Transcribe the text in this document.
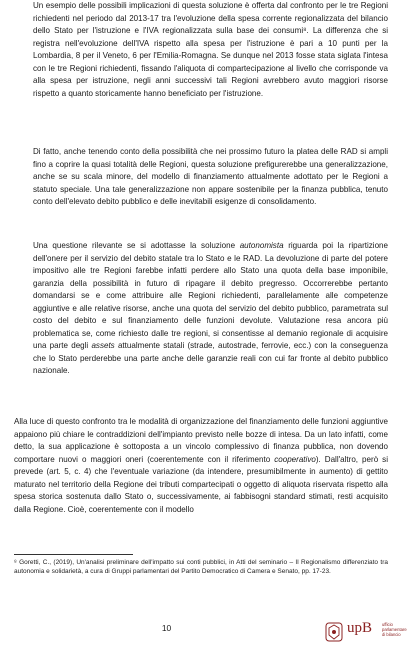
Un esempio delle possibili implicazioni di questa soluzione è offerta dal confronto per le tre Regioni richiedenti nel periodo dal 2013-17 tra l'evoluzione della spesa corrente regionalizzata del bilancio dello Stato per l'istruzione e l'IVA regionalizzata sulla base dei consumi⁸. La differenza che si registra nell'evoluzione dell'IVA rispetto alla spesa per l'istruzione è pari a 10 punti per la Lombardia, 8 per il Veneto, 6 per l'Emilia-Romagna. Se dunque nel 2013 fosse stata siglata l'intesa con le tre Regioni richiedenti, fissando l'aliquota di compartecipazione al livello che corrisponde va alla spesa per istruzione, negli anni successivi tali Regioni avrebbero avuto maggiori risorse rispetto a quanto storicamente hanno beneficiato per l'istruzione.

Di fatto, anche tenendo conto della possibilità che nei prossimo futuro la platea delle RAD si ampli fino a coprire la quasi totalità delle Regioni, questa soluzione prefigurerebbe una generalizzazione, anche se su scala minore, del modello di finanziamento attualmente adottato per le Regioni a statuto speciale. Una tale generalizzazione non appare sostenibile per la finanza pubblica, tenuto conto dell'elevato debito pubblico e delle inevitabili esigenze di consolidamento.

Una questione rilevante se si adottasse la soluzione autonomista riguarda poi la ripartizione dell'onere per il servizio del debito statale tra lo Stato e le RAD. La devoluzione di parte del potere impositivo alle tre Regioni farebbe infatti perdere allo Stato una quota della base imponibile, garanzia della possibilità in futuro di ripagare il debito pregresso. Occorrerebbe pertanto domandarsi se e come attribuire alle Regioni richiedenti, parallelamente alle competenze aggiuntive e alle relative risorse, anche una quota del servizio del debito pubblico, parametrata sul costo del debito e sul finanziamento delle funzioni devolute. Valutazione resa ancora più problematica se, come richiesto dalle tre regioni, si consentisse al demanio regionale di acquisire una parte degli assets attualmente statali (strade, autostrade, ferrovie, ecc.) con la conseguenza che lo Stato perderebbe una parte anche delle garanzie reali con cui far fronte al debito pubblico nazionale.

Alla luce di questo confronto tra le modalità di organizzazione del finanziamento delle funzioni aggiuntive appaiono più chiare le contraddizioni dell'impianto previsto nelle bozze di intesa. Da un lato infatti, come detto, la sua applicazione è sottoposta a un vincolo complessivo di finanza pubblica, non dovendo comportare nuovi o maggiori oneri (coerentemente con il riferimento cooperativo). Dall'altro, però si prevede (art. 5, c. 4) che l'eventuale variazione (da intendere, presumibilmente in aumento) di gettito maturato nel territorio della Regione dei tributi compartecipati o oggetto di aliquota riservata rispetto alla spesa storica sostenuta dallo Stato o, successivamente, ai fabbisogni standard stimati, resti acquisito dalla Regione. Cioè, coerentemente con il modello

⁸ Goretti, C., (2019), Un'analisi preliminare dell'impatto sui conti pubblici, in Atti del seminario – Il Regionalismo differenziato tra autonomia e solidarietà, a cura di Gruppi parlamentari del Partito Democratico di Camera e Senato, pp. 17-23.

10	upB ufficio
parlamentare
di bilancio
